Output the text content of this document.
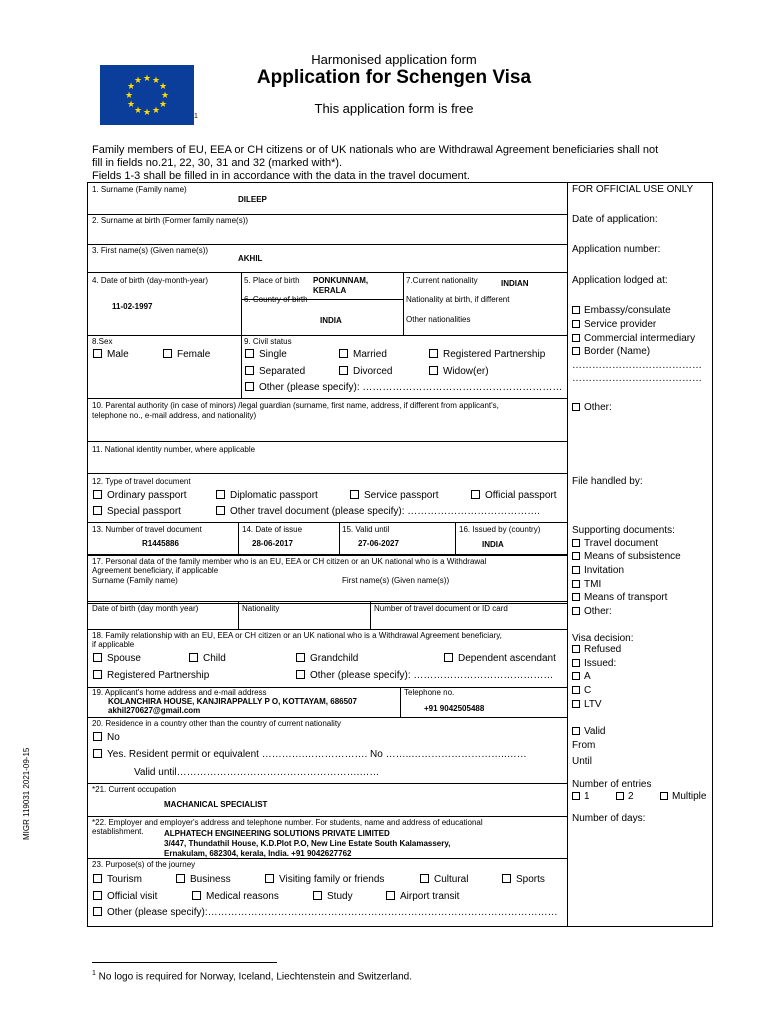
★ ★
★
★
★
★
★
★
★
★
★
★
1
Harmonised application form
Application for Schengen Visa
This application form is free
Family members of EU, EEA or CH citizens or of UK nationals who are Withdrawal Agreement beneficiaries shall not
fill in fields no.21, 22, 30, 31 and 32 (marked with*).
Fields 1-3 shall be filled in in accordance with the data in the travel document.
1. Surname (Family name)
DILEEP
2. Surname at birth (Former family name(s))
3. First name(s) (Given name(s))
AKHIL
4. Date of birth (day-month-year)
11-02-1997
5. Place of birth PONKUNNAM,
KERALA
6. Country of birth
INDIA
7.Current nationality	INDIAN
Nationality at birth, if different
Other nationalities
8.Sex
Male	Female
9. Civil status
Single	Married	Registered Partnership
Separated	Divorced	Widow(er)
Other (please specify): ……………………………………………………
10. Parental authority (in case of minors) /legal guardian (surname, first name, address, if different from applicant's,
telephone no., e-mail address, and nationality)
11. National identity number, where applicable
12. Type of travel document
Ordinary passport	Diplomatic passport	Service passport	Official passport
Special passport	Other travel document (please specify): ………………………………….
13. Number of travel document
R1445886
14. Date of issue
28-06-2017
15. Valid until
27-06-2027
16. Issued by (country)
INDIA
17. Personal data of the family member who is an EU, EEA or CH citizen or an UK national who is a Withdrawal
Agreement beneficiary, if applicable
Surname (Family name)	First name(s) (Given name(s))
Date of birth (day month year)	Nationality	Number of travel document or ID card
18. Family relationship with an EU, EEA or CH citizen or an UK national who is a Withdrawal Agreement beneficiary,
if applicable
Spouse	Child	Grandchild	Dependent ascendant
Registered Partnership	Other (please specify): ……………………………………
19. Applicant's home address and e-mail address
KOLANCHIRA HOUSE, KANJIRAPPALLY P O, KOTTAYAM, 686507
akhil270627@gmail.com
Telephone no.
+91 9042505488
20. Residence in a country other than the country of current nationality
No
Yes. Resident permit or equivalent ………….………………. No ……..………………………..……
Valid until……………………………………………….……
*21. Current occupation
MACHANICAL SPECIALIST
*22. Employer and employer's address and telephone number. For students, name and address of educational
establishment.	ALPHATECH ENGINEERING SOLUTIONS PRIVATE LIMITED
3/447, Thundathil House, K.D.Plot P.O, New Line Estate South Kalamassery,
Ernakulam, 682304, kerala, India. +91 9042627762
23. Purpose(s) of the journey
Tourism	Business	Visiting family or friends	Cultural	Sports
Official visit	Medical reasons	Study	Airport transit
Other (please specify):……………………………………………………………………………………………
FOR OFFICIAL USE ONLY
Date of application:
Application number:
Application lodged at:
Embassy/consulate
Service provider
Commercial intermediary
Border (Name)
…………………………………
…………………………………
Other:
File handled by:
Supporting documents:
Travel document
Means of subsistence
Invitation
TMI
Means of transport
Other:
Visa decision:
Refused
Issued:
A
C
LTV
Valid
From
Until
Number of entries
1	2	Multiple
Number of days:
MIGR 119031 2021-09-15
$^1$ No logo is required for Norway, Iceland, Liechtenstein and Switzerland.
